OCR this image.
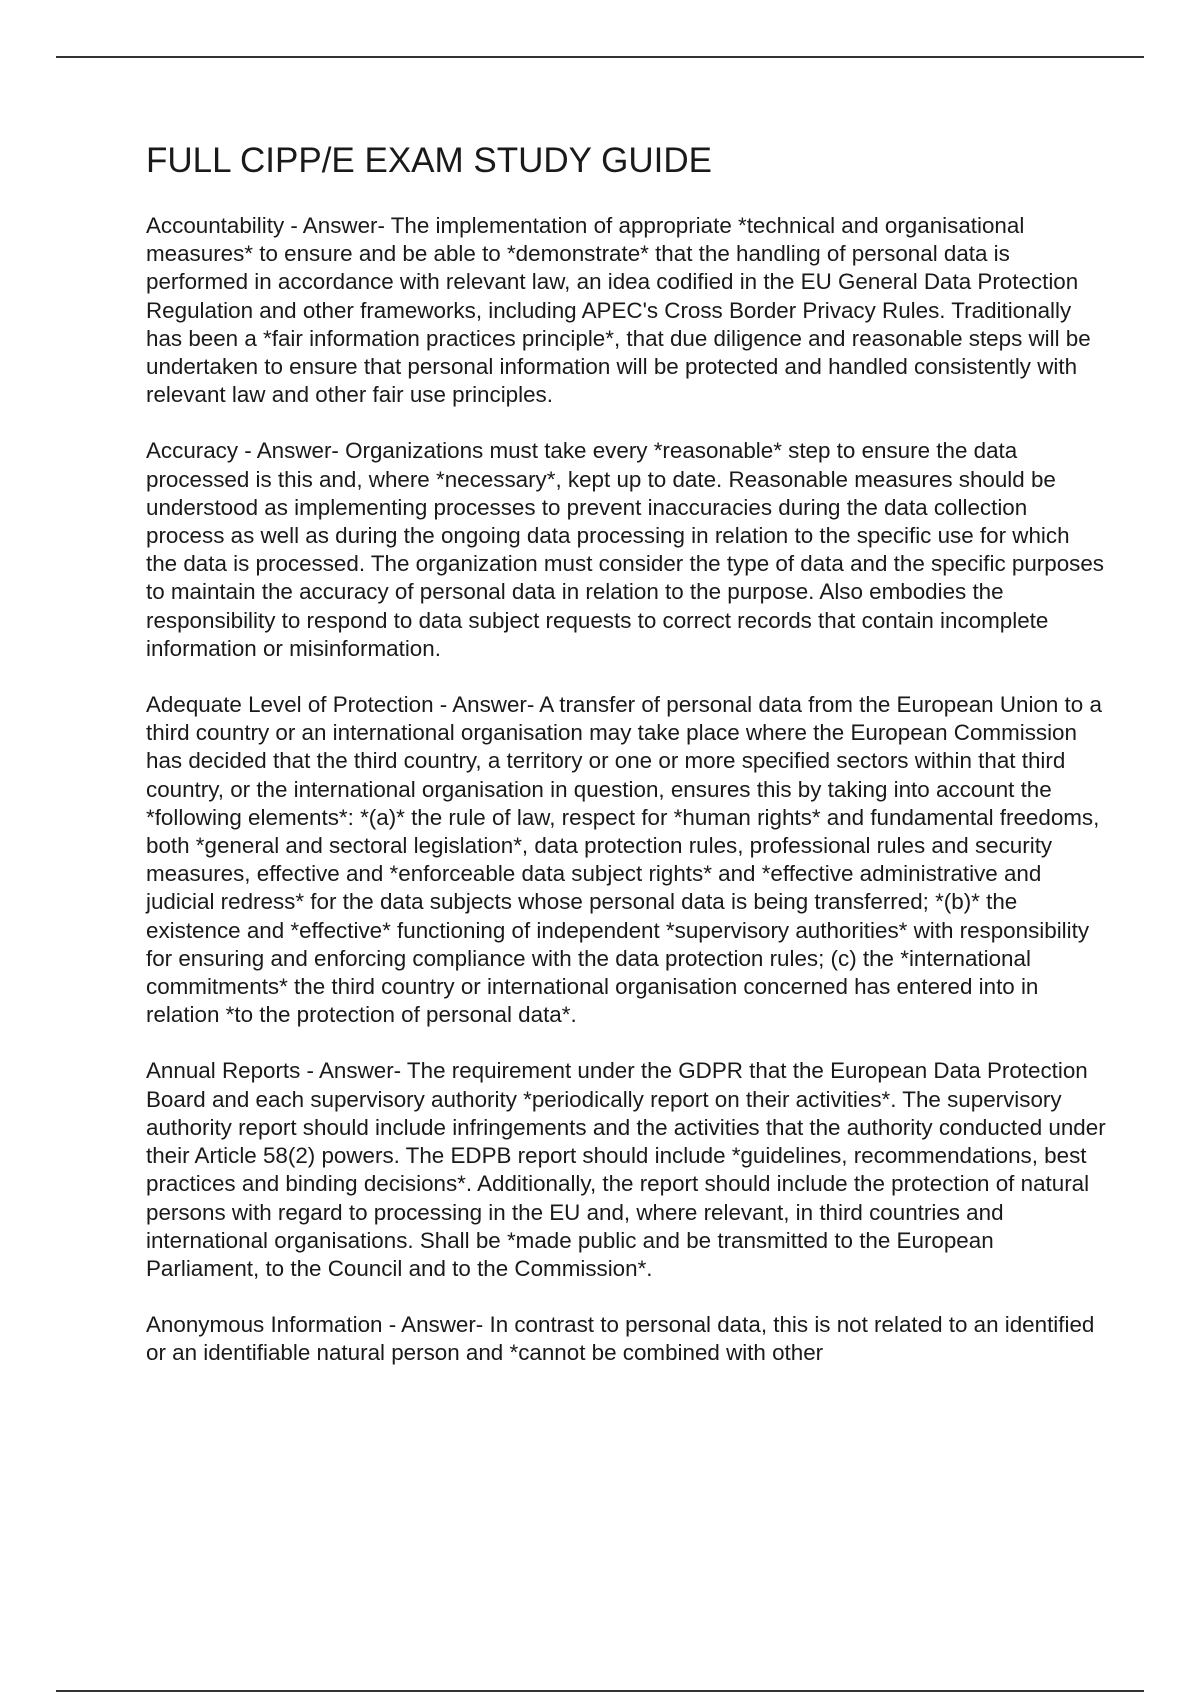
FULL CIPP/E EXAM STUDY GUIDE

Accountability - Answer- The implementation of appropriate *technical and organisational measures* to ensure and be able to *demonstrate* that the handling of personal data is performed in accordance with relevant law, an idea codified in the EU General Data Protection Regulation and other frameworks, including APEC's Cross Border Privacy Rules. Traditionally has been a *fair information practices principle*, that due diligence and reasonable steps will be undertaken to ensure that personal information will be protected and handled consistently with relevant law and other fair use principles.

Accuracy - Answer- Organizations must take every *reasonable* step to ensure the data processed is this and, where *necessary*, kept up to date. Reasonable measures should be understood as implementing processes to prevent inaccuracies during the data collection process as well as during the ongoing data processing in relation to the specific use for which the data is processed. The organization must consider the type of data and the specific purposes to maintain the accuracy of personal data in relation to the purpose. Also embodies the responsibility to respond to data subject requests to correct records that contain incomplete information or misinformation.

Adequate Level of Protection - Answer- A transfer of personal data from the European Union to a third country or an international organisation may take place where the European Commission has decided that the third country, a territory or one or more specified sectors within that third country, or the international organisation in question, ensures this by taking into account the *following elements*: *(a)* the rule of law, respect for *human rights* and fundamental freedoms, both *general and sectoral legislation*, data protection rules, professional rules and security measures, effective and *enforceable data subject rights* and *effective administrative and judicial redress* for the data subjects whose personal data is being transferred; *(b)* the existence and *effective* functioning of independent *supervisory authorities* with responsibility for ensuring and enforcing compliance with the data protection rules; (c) the *international commitments* the third country or international organisation concerned has entered into in relation *to the protection of personal data*.

Annual Reports - Answer- The requirement under the GDPR that the European Data Protection Board and each supervisory authority *periodically report on their activities*. The supervisory authority report should include infringements and the activities that the authority conducted under their Article 58(2) powers. The EDPB report should include *guidelines, recommendations, best practices and binding decisions*. Additionally, the report should include the protection of natural persons with regard to processing in the EU and, where relevant, in third countries and international organisations. Shall be *made public and be transmitted to the European Parliament, to the Council and to the Commission*.

Anonymous Information - Answer- In contrast to personal data, this is not related to an identified or an identifiable natural person and *cannot be combined with other
